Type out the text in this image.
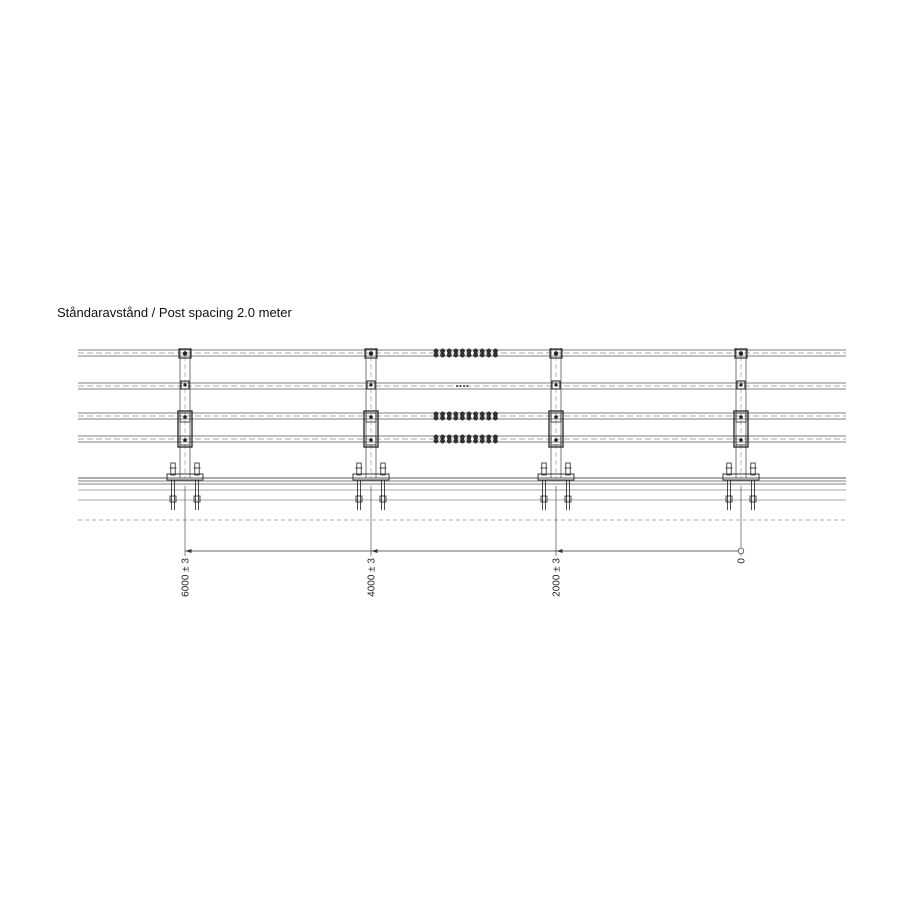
Ståndaravstånd / Post spacing 2.0 meter
6000 ± 3	4000 ± 3	2000 ± 3	0
